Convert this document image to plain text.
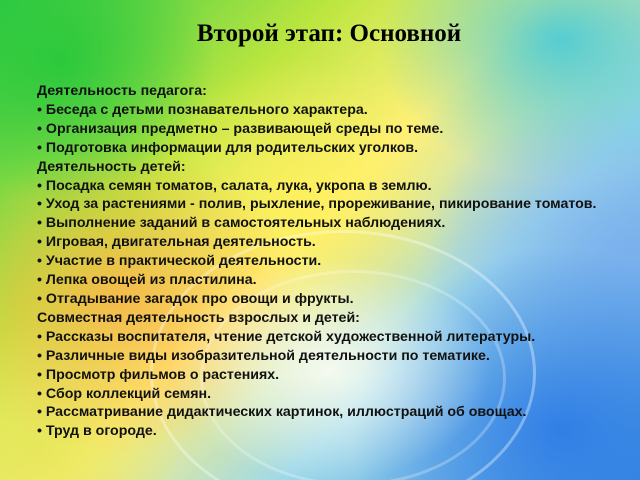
Второй этап: Основной
Деятельность педагога:
• Беседа с детьми познавательного характера.
• Организация предметно – развивающей среды по теме.
• Подготовка информации для родительских уголков.
Деятельность детей:
• Посадка семян томатов, салата, лука, укропа в землю.
• Уход за растениями - полив, рыхление, прореживание, пикирование томатов.
• Выполнение заданий в самостоятельных наблюдениях.
• Игровая, двигательная деятельность.
• Участие в практической деятельности.
• Лепка овощей из пластилина.
• Отгадывание загадок про овощи и фрукты.
Совместная деятельность взрослых и детей:
• Рассказы воспитателя, чтение детской художественной литературы.
• Различные виды изобразительной деятельности по тематике.
• Просмотр фильмов о растениях.
• Сбор коллекций семян.
• Рассматривание дидактических картинок, иллюстраций об овощах.
• Труд в огороде.
